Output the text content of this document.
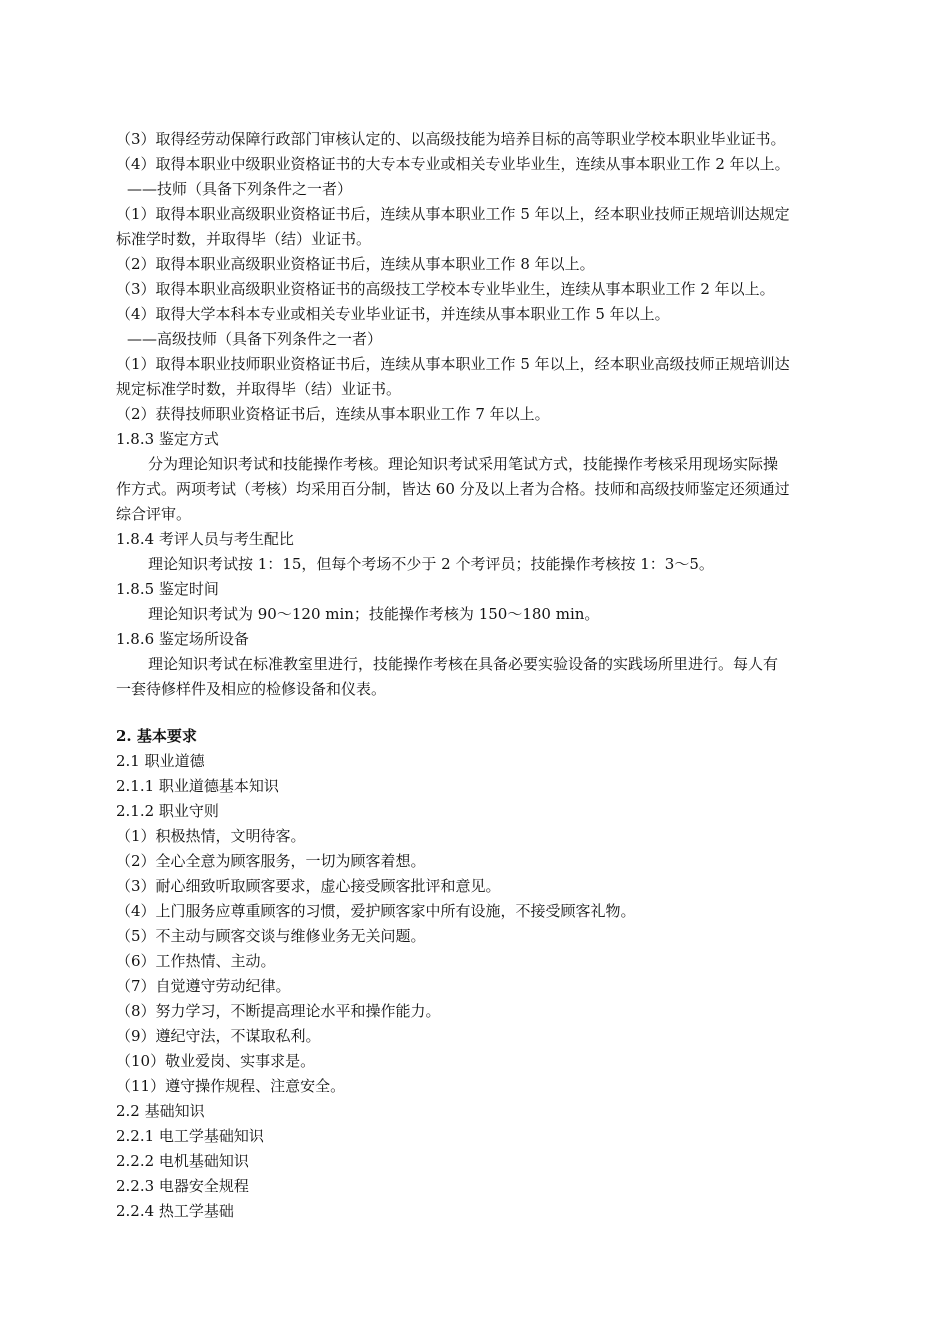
（3）取得经劳动保障行政部门审核认定的、以高级技能为培养目标的高等职业学校本职业毕业证书。
（4）取得本职业中级职业资格证书的大专本专业或相关专业毕业生，连续从事本职业工作 2 年以上。
——技师（具备下列条件之一者）
（1）取得本职业高级职业资格证书后，连续从事本职业工作 5 年以上，经本职业技师正规培训达规定
标准学时数，并取得毕（结）业证书。
（2）取得本职业高级职业资格证书后，连续从事本职业工作 8 年以上。
（3）取得本职业高级职业资格证书的高级技工学校本专业毕业生，连续从事本职业工作 2 年以上。
（4）取得大学本科本专业或相关专业毕业证书，并连续从事本职业工作 5 年以上。
——高级技师（具备下列条件之一者）
（1）取得本职业技师职业资格证书后，连续从事本职业工作 5 年以上，经本职业高级技师正规培训达
规定标准学时数，并取得毕（结）业证书。
（2）获得技师职业资格证书后，连续从事本职业工作 7 年以上。
1.8.3 鉴定方式
分为理论知识考试和技能操作考核。理论知识考试采用笔试方式，技能操作考核采用现场实际操
作方式。两项考试（考核）均采用百分制，皆达 60 分及以上者为合格。技师和高级技师鉴定还须通过
综合评审。
1.8.4 考评人员与考生配比
理论知识考试按 1：15，但每个考场不少于 2 个考评员；技能操作考核按 1：3～5。
1.8.5 鉴定时间
理论知识考试为 90～120 min；技能操作考核为 150～180 min。
1.8.6 鉴定场所设备
理论知识考试在标准教室里进行，技能操作考核在具备必要实验设备的实践场所里进行。每人有
一套待修样件及相应的检修设备和仪表。
2. 基本要求
2.1 职业道德
2.1.1 职业道德基本知识
2.1.2 职业守则
（1）积极热情，文明待客。
（2）全心全意为顾客服务，一切为顾客着想。
（3）耐心细致听取顾客要求，虚心接受顾客批评和意见。
（4）上门服务应尊重顾客的习惯，爱护顾客家中所有设施，不接受顾客礼物。
（5）不主动与顾客交谈与维修业务无关问题。
（6）工作热情、主动。
（7）自觉遵守劳动纪律。
（8）努力学习，不断提高理论水平和操作能力。
（9）遵纪守法，不谋取私利。
（10）敬业爱岗、实事求是。
（11）遵守操作规程、注意安全。
2.2 基础知识
2.2.1 电工学基础知识
2.2.2 电机基础知识
2.2.3 电器安全规程
2.2.4 热工学基础
